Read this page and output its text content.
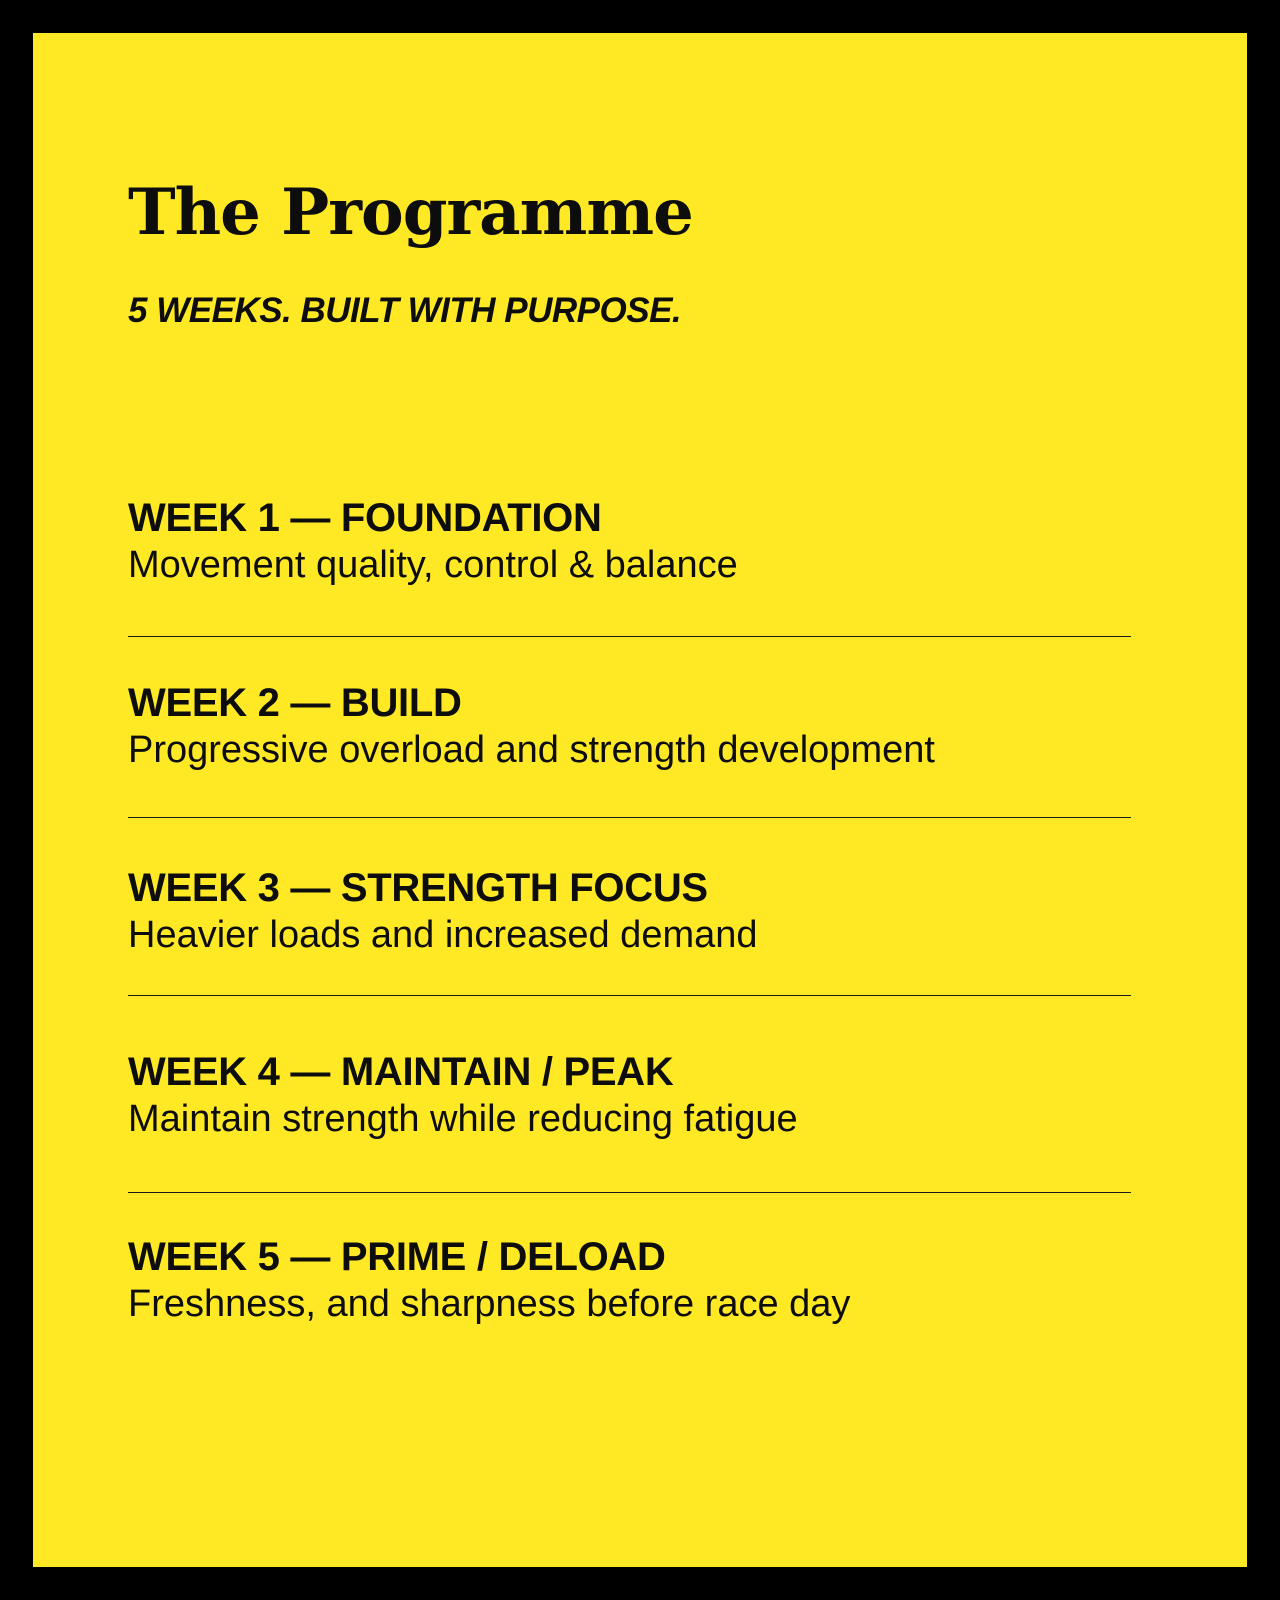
The Programme

5 WEEKS. BUILT WITH PURPOSE.

WEEK 1 — FOUNDATION

Movement quality, control & balance

WEEK 2 — BUILD

Progressive overload and strength development

WEEK 3 — STRENGTH FOCUS

Heavier loads and increased demand

WEEK 4 — MAINTAIN / PEAK

Maintain strength while reducing fatigue

WEEK 5 — PRIME / DELOAD

Freshness, and sharpness before race day
